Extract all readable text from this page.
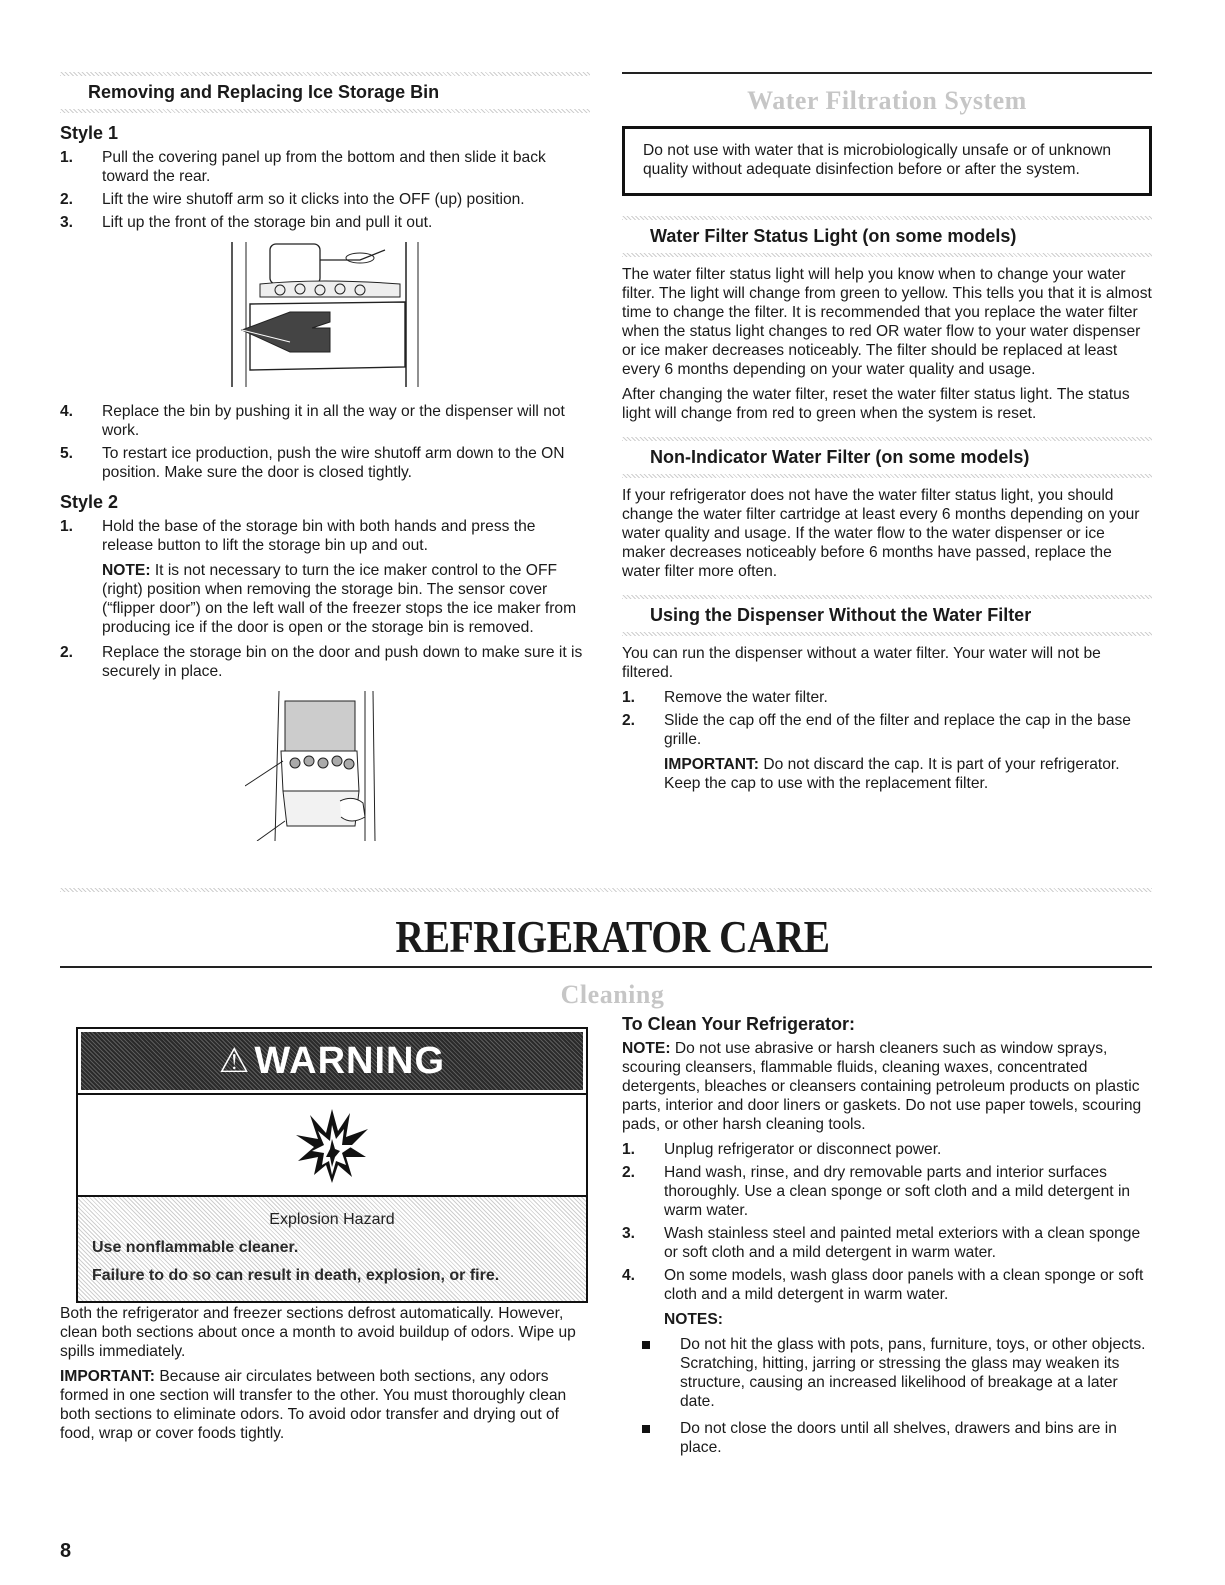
Removing and Replacing Ice Storage Bin
Style 1
1. Pull the covering panel up from the bottom and then slide it back toward the rear.
2. Lift the wire shutoff arm so it clicks into the OFF (up) position.
3. Lift up the front of the storage bin and pull it out.
4. Replace the bin by pushing it in all the way or the dispenser will not work.
5. To restart ice production, push the wire shutoff arm down to the ON position. Make sure the door is closed tightly.
Style 2
1. Hold the base of the storage bin with both hands and press the release button to lift the storage bin up and out.

NOTE: It is not necessary to turn the ice maker control to the OFF (right) position when removing the storage bin. The sensor cover (“flipper door”) on the left wall of the freezer stops the ice maker from producing ice if the door is open or the storage bin is removed.

2. Replace the storage bin on the door and push down to make sure it is securely in place.
Water Filtration System

Do not use with water that is microbiologically unsafe or of unknown quality without adequate disinfection before or after the system.

Water Filter Status Light (on some models)

The water filter status light will help you know when to change your water filter. The light will change from green to yellow. This tells you that it is almost time to change the filter. It is recommended that you replace the water filter when the status light changes to red OR water flow to your water dispenser or ice maker decreases noticeably. The filter should be replaced at least every 6 months depending on your water quality and usage.

After changing the water filter, reset the water filter status light. The status light will change from red to green when the system is reset.

Non-Indicator Water Filter (on some models)

If your refrigerator does not have the water filter status light, you should change the water filter cartridge at least every 6 months depending on your water quality and usage. If the water flow to the water dispenser or ice maker decreases noticeably before 6 months have passed, replace the water filter more often.

Using the Dispenser Without the Water Filter

You can run the dispenser without a water filter. Your water will not be filtered.

1. Remove the water filter.
2. Slide the cap off the end of the filter and replace the cap in the base grille.

IMPORTANT: Do not discard the cap. It is part of your refrigerator. Keep the cap to use with the replacement filter.

REFRIGERATOR CARE
Cleaning
⚠ WARNING

Explosion Hazard

Use nonflammable cleaner.

Failure to do so can result in death, explosion, or fire.

Both the refrigerator and freezer sections defrost automatically. However, clean both sections about once a month to avoid buildup of odors. Wipe up spills immediately.

IMPORTANT: Because air circulates between both sections, any odors formed in one section will transfer to the other. You must thoroughly clean both sections to eliminate odors. To avoid odor transfer and drying out of food, wrap or cover foods tightly.

To Clean Your Refrigerator:

NOTE: Do not use abrasive or harsh cleaners such as window sprays, scouring cleansers, flammable fluids, cleaning waxes, concentrated detergents, bleaches or cleansers containing petroleum products on plastic parts, interior and door liners or gaskets. Do not use paper towels, scouring pads, or other harsh cleaning tools.

1. Unplug refrigerator or disconnect power.
2. Hand wash, rinse, and dry removable parts and interior surfaces thoroughly. Use a clean sponge or soft cloth and a mild detergent in warm water.
3. Wash stainless steel and painted metal exteriors with a clean sponge or soft cloth and a mild detergent in warm water.
4. On some models, wash glass door panels with a clean sponge or soft cloth and a mild detergent in warm water.

NOTES:

Do not hit the glass with pots, pans, furniture, toys, or other objects. Scratching, hitting, jarring or stressing the glass may weaken its structure, causing an increased likelihood of breakage at a later date.
Do not close the doors until all shelves, drawers and bins are in place.
8
